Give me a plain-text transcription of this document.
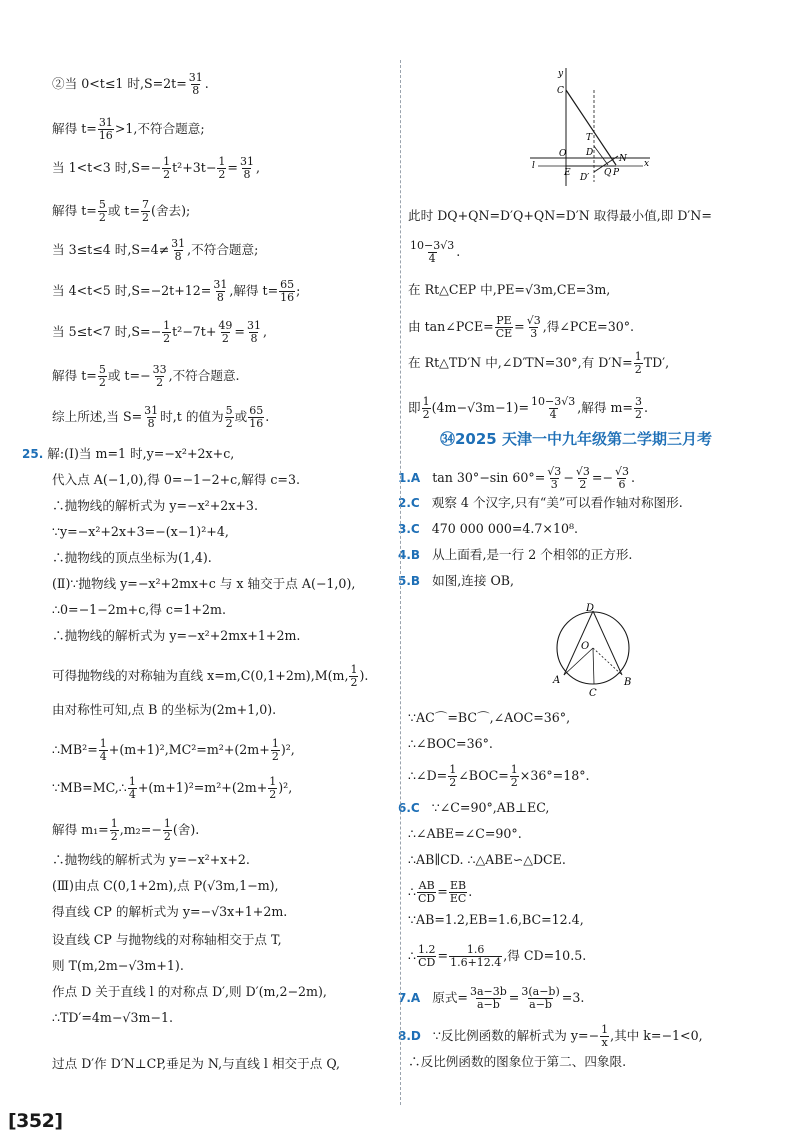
②当 0<t≤1 时$,S=2t= \frac{31}{8}$ .
解得 $t= \frac{31}{16} >1$,不符合题意;
当 1<t<3 时$,S=- \frac{1}{2} t^2+3t- \frac{1}{2} = \frac{31}{8}$ ,
解得 $t= \frac{5}{2}$ 或 $t= \frac{7}{2}$ (舍去);
当 3≤t≤4 时$,S=4\ne \frac{31}{8}$ ,不符合题意;
当 4<t<5 时$,S=-2t+12= \frac{31}{8}$ ,解得 $t= \frac{65}{16}$ ;
当 5≤t<7 时$,S=- \frac{1}{2} t^2-7t+ \frac{49}{2} = \frac{31}{8}$ ,
解得 $t= \frac{5}{2}$ 或 $t=- \frac{33}{2}$ ,不符合题意.
综上所述,当 $S= \frac{31}{8}$ 时,t 的值为 $\frac{5}{2}$ 或 $\frac{65}{16}$ .
25. 解:(Ⅰ)当 m=1 时,y=−x²+2x+c,
代入点 A(−1,0),得 0=−1−2+c,解得 c=3.
∴抛物线的解析式为 y=−x²+2x+3.
∵y=−x²+2x+3=−(x−1)²+4,
∴抛物线的顶点坐标为(1,4).
(Ⅱ)∵抛物线 y=−x²+2mx+c 与 x 轴交于点 A(−1,0),
∴0=−1−2m+c,得 c=1+2m.
∴抛物线的解析式为 y=−x²+2mx+1+2m.
可得抛物线的对称轴为直线 x=m,C(0,1+2m),M(m, $\frac{1}{2}$ ).
由对称性可知,点 B 的坐标为(2m+1,0).
∴MB²= $\frac{1}{4} +(m+1)^2,MC^2=m^2+(2m+ \frac{1}{2} )^2$,
∵MB=MC,∴ $\frac{1}{4} +(m+1)^2=m^2+(2m+ \frac{1}{2} )^2$,
解得 $m_1= \frac{1}{2} ,m_2=- \frac{1}{2}$ (舍).
∴抛物线的解析式为 y=−x²+x+2.
(Ⅲ)由点 C(0,1+2m),点 P(√3m,1−m),
得直线 CP 的解析式为 y=−√3x+1+2m.
设直线 CP 与抛物线的对称轴相交于点 T,
则 T(m,2m−√3m+1).
作点 D 关于直线 l 的对称点 D′,则 D′(m,2−2m),
∴TD′=4m−√3m−1.
过点 D′作 D′N⊥CP,垂足为 N,与直线 l 相交于点 Q,
此时 DQ+QN=D′Q+QN=D′N 取得最小值,即 D′N=
$\frac{10-3√3}{4}$ .
在 Rt△CEP 中,PE=√3m,CE=3m,
由 tan∠PCE= $\frac{PE}{CE} = \frac{√3}{3}$ ,得∠PCE=30°.
在 Rt△TD′N 中,∠D′TN=30°,有 $D'N= \frac{1}{2} TD'$,
即 $\frac{1}{2} (4m-√3m-1)= \frac{10-3√3}{4}$ ,解得 $m= \frac{3}{2}$ .
1.A tan 30°−sin $60^\circ= \frac{√3}{3} - \frac{√3}{2} =- \frac{√3}{6}$ .
2.C 观察 4 个汉字,只有“美”可以看作轴对称图形.
3.C 470 000 000=4.7×10⁸.
4.B 从上面看,是一行 2 个相邻的正方形.
5.B 如图,连接 OB,
∵AC⌒=BC⌒,∠AOC=36°,
∴∠BOC=36°.
∴∠D= $\frac{1}{2}$ ∠BOC= $\frac{1}{2} \times 36^\circ=18^\circ$.
6.C ∵∠C=90°,AB⊥EC,
∴∠ABE=∠C=90°.
∴AB∥CD. ∴△ABE∽△DCE.
∴ $\frac{AB}{CD} = \frac{EB}{EC}$ .
∵AB=1.2,EB=1.6,BC=12.4,
∴ $\frac{1.2}{CD} = \frac{1.6}{1.6+12.4}$ ,得 CD=10.5.
7.A 原式= $\frac{3a-3b}{a-b} = \frac{3(a-b)}{a-b} =3$.
8.D ∵反比例函数的解析式为 $y=- \frac{1}{x}$ ,其中 k=−1<0,
∴反比例函数的图象位于第二、四象限.
㉞2025 天津一中九年级第二学期三月考
y
C
T
O D
l
E D′ Q P
N x
D
O
A
C
B
[352]
